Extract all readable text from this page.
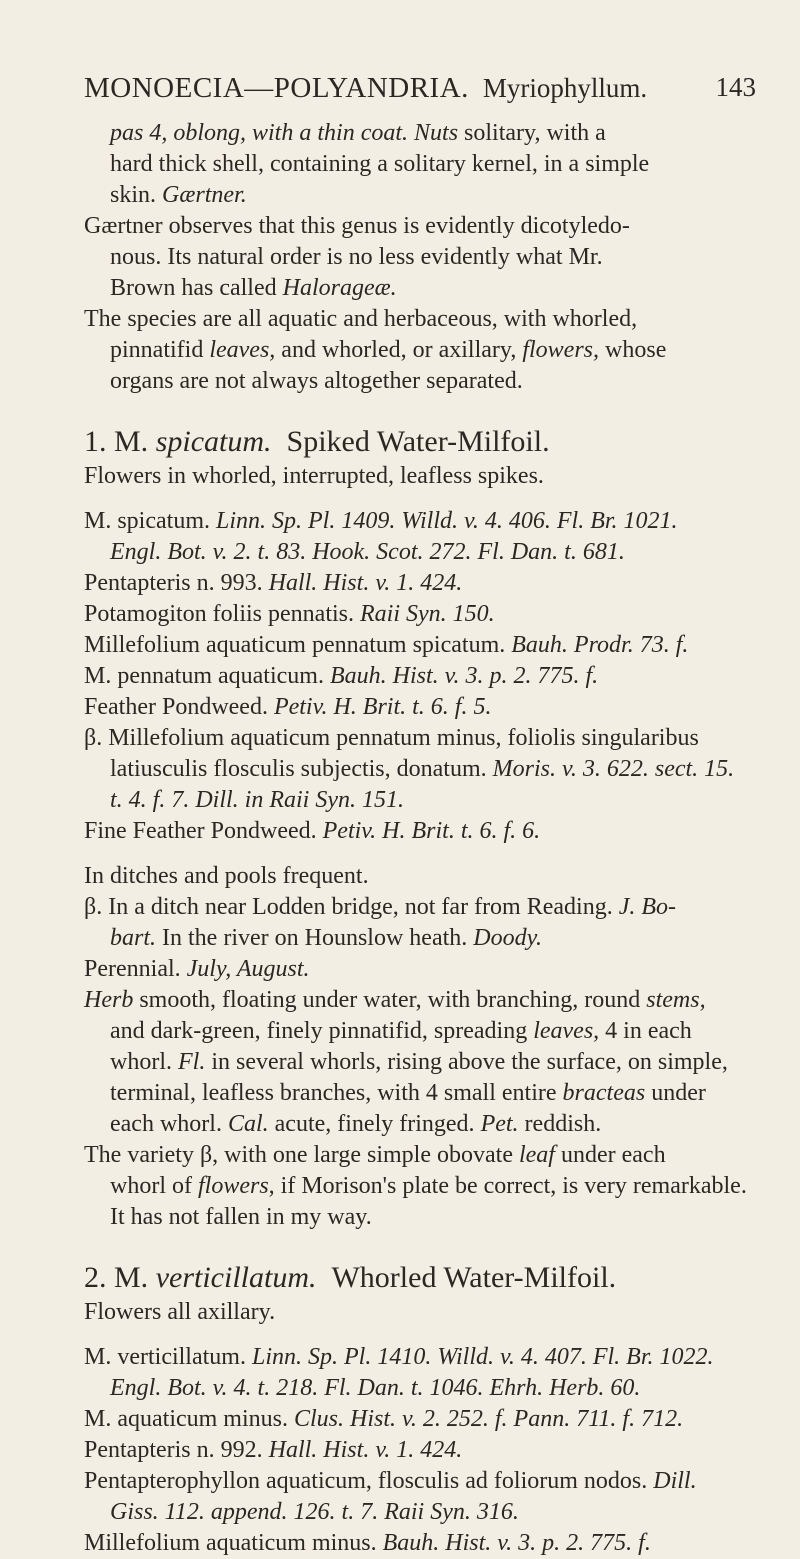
MONOECIA—POLYANDRIA. Myriophyllum.	143

pas 4, oblong, with a thin coat. Nuts solitary, with a

hard thick shell, containing a solitary kernel, in a simple

skin. Gærtner.

Gærtner observes that this genus is evidently dicotyledo-
nous. Its natural order is no less evidently what Mr.
Brown has called Halorageæ.
The species are all aquatic and herbaceous, with whorled,
pinnatifid leaves, and whorled, or axillary, flowers, whose
organs are not always altogether separated.
1. M. spicatum. Spiked Water-Milfoil.

Flowers in whorled, interrupted, leafless spikes.

M. spicatum. Linn. Sp. Pl. 1409. Willd. v. 4. 406. Fl. Br. 1021.
Engl. Bot. v. 2. t. 83. Hook. Scot. 272. Fl. Dan. t. 681.
Pentapteris n. 993. Hall. Hist. v. 1. 424.
Potamogiton foliis pennatis. Raii Syn. 150.
Millefolium aquaticum pennatum spicatum. Bauh. Prodr. 73. f.
M. pennatum aquaticum. Bauh. Hist. v. 3. p. 2. 775. f.
Feather Pondweed. Petiv. H. Brit. t. 6. f. 5.
β. Millefolium aquaticum pennatum minus, foliolis singularibus
latiusculis flosculis subjectis, donatum. Moris. v. 3. 622. sect. 15.
t. 4. f. 7. Dill. in Raii Syn. 151.
Fine Feather Pondweed. Petiv. H. Brit. t. 6. f. 6.
In ditches and pools frequent.
β. In a ditch near Lodden bridge, not far from Reading. J. Bo-
bart. In the river on Hounslow heath. Doody.
Perennial. July, August.
Herb smooth, floating under water, with branching, round stems,
and dark-green, finely pinnatifid, spreading leaves, 4 in each
whorl. Fl. in several whorls, rising above the surface, on simple,
terminal, leafless branches, with 4 small entire bracteas under
each whorl. Cal. acute, finely fringed. Pet. reddish.
The variety β, with one large simple obovate leaf under each
whorl of flowers, if Morison's plate be correct, is very remarkable.
It has not fallen in my way.
2. M. verticillatum. Whorled Water-Milfoil.

Flowers all axillary.

M. verticillatum. Linn. Sp. Pl. 1410. Willd. v. 4. 407. Fl. Br. 1022.
Engl. Bot. v. 4. t. 218. Fl. Dan. t. 1046. Ehrh. Herb. 60.
M. aquaticum minus. Clus. Hist. v. 2. 252. f. Pann. 711. f. 712.
Pentapteris n. 992. Hall. Hist. v. 1. 424.
Pentapterophyllon aquaticum, flosculis ad foliorum nodos. Dill.
Giss. 112. append. 126. t. 7. Raii Syn. 316.
Millefolium aquaticum minus. Bauh. Hist. v. 3. p. 2. 775. f.
